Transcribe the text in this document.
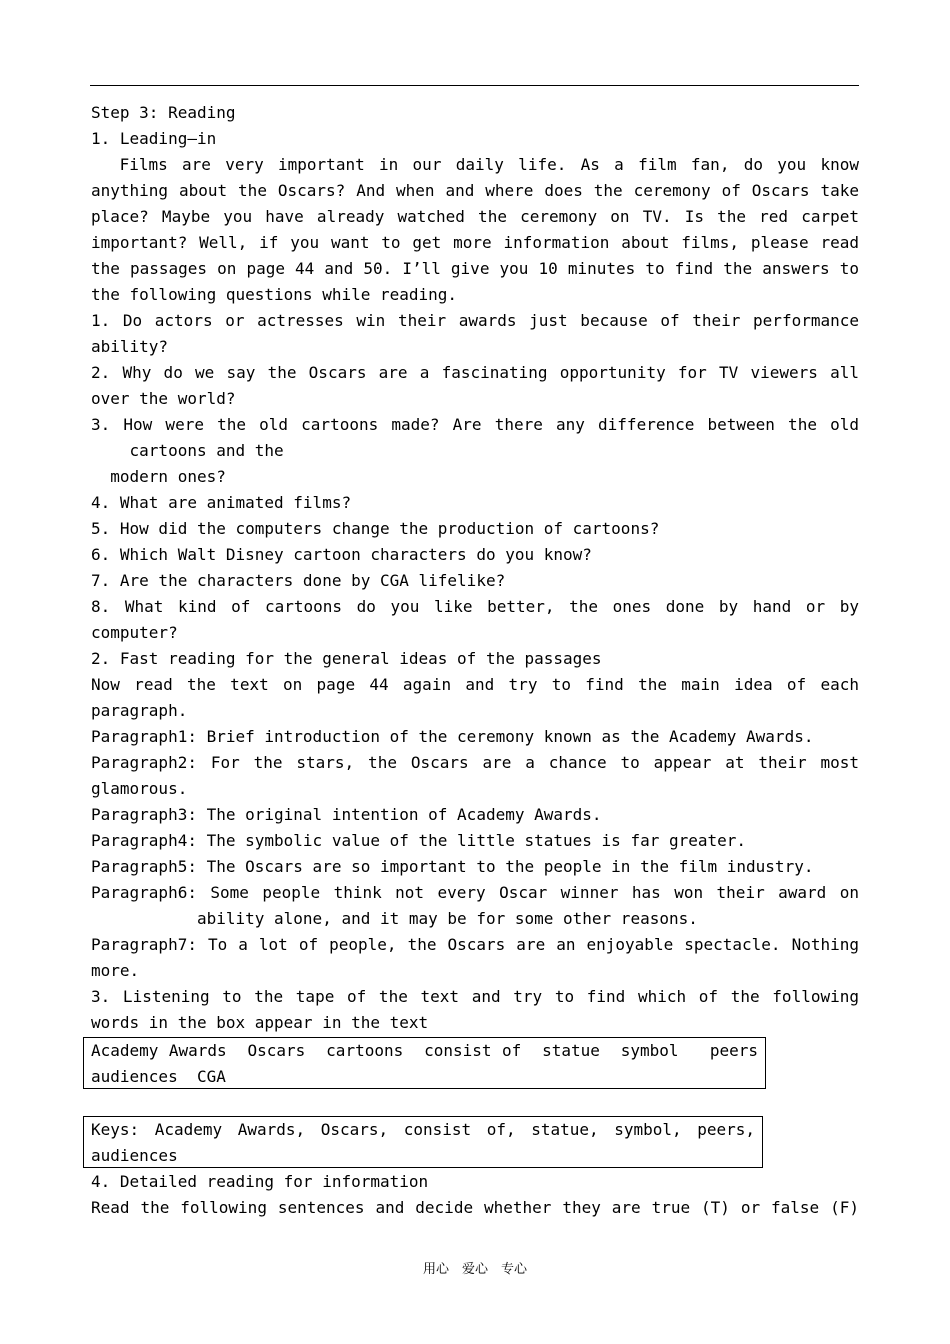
Step 3: Reading
1. Leading–in
Films are very important in our daily life. As a film fan, do you know
anything about the Oscars? And when and where does the ceremony of Oscars take
place? Maybe you have already watched the ceremony on TV. Is the red carpet
important? Well, if you want to get more information about films, please read
the passages on page 44 and 50. I’ll give you 10 minutes to find the answers to
the following questions while reading.
1. Do actors or actresses win their awards just because of their performance
ability?
2. Why do we say the Oscars are a fascinating opportunity for TV viewers all
over the world?
3. How were the old cartoons made? Are there any difference between the old
cartoons and the
modern ones?
4. What are animated films?
5. How did the computers change the production of cartoons?
6. Which Walt Disney cartoon characters do you know?
7. Are the characters done by CGA lifelike?
8. What kind of cartoons do you like better, the ones done by hand or by
computer?
2. Fast reading for the general ideas of the passages
Now read the text on page 44 again and try to find the main idea of each
paragraph.
Paragraph1: Brief introduction of the ceremony known as the Academy Awards.
Paragraph2: For the stars, the Oscars are a chance to appear at their most
glamorous.
Paragraph3: The original intention of Academy Awards.
Paragraph4: The symbolic value of the little statues is far greater.
Paragraph5: The Oscars are so important to the people in the film industry.
Paragraph6: Some people think not every Oscar winner has won their award on
ability alone, and it may be for some other reasons.
Paragraph7: To a lot of people, the Oscars are an enjoyable spectacle. Nothing
more.
3. Listening to the tape of the text and try to find which of the following
words in the box appear in the text
Academy Awards  Oscars  cartoons  consist of  statue  symbol   peers
audiences  CGA
Keys: Academy Awards, Oscars, consist of, statue, symbol, peers,
audiences
4. Detailed reading for information
Read the following sentences and decide whether they are true (T) or false (F)
用心　爱心　专心
